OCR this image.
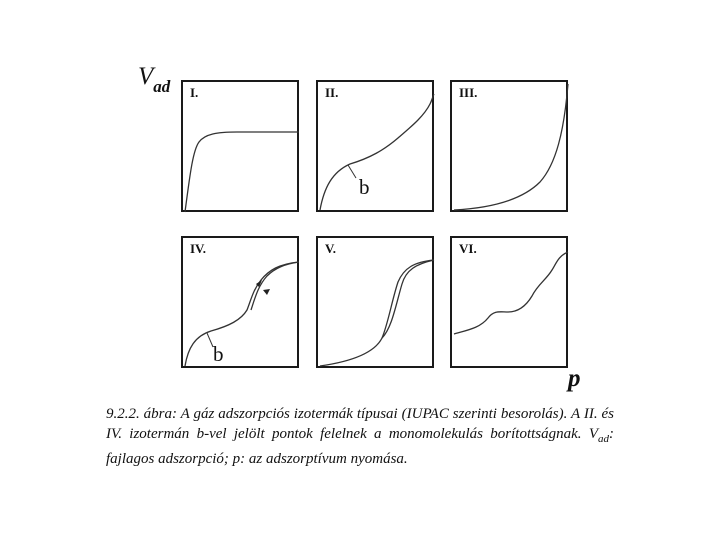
$V_{ad}$ I.	II.
b
III.
IV.
b
V.	VI.
p

9.2.2. ábra: A gáz adszorpciós izotermák típusai (IUPAC szerinti besorolás). A II. és IV. izotermán b-vel jelölt pontok felelnek a monomolekulás borítottságnak. $V_{ad}$: fajlagos adszorpció; p: az adszorptívum nyomása.
